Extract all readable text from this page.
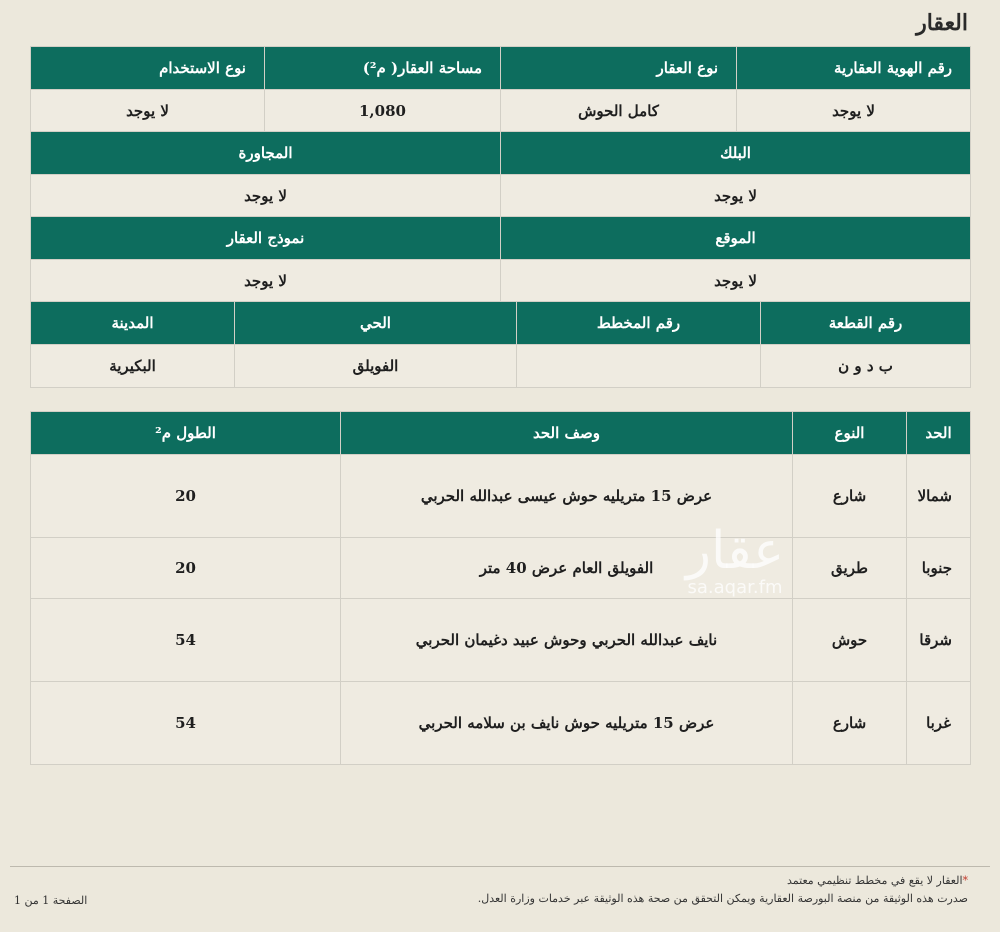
العقار
رقم الهوية العقارية	نوع العقار	مساحة العقار( م²)	نوع الاستخدام
لا يوجد	كامل الحوش	1,080	لا يوجد
البلك	المجاورة
لا يوجد	لا يوجد
الموقع	نموذج العقار
لا يوجد	لا يوجد
رقم القطعة	رقم المخطط	الحي	المدينة
ب د و ن		الفويلق	البكيرية
الحد	النوع	وصف الحد	الطول م²
شمالا	شارع	عرض 15 متريليه حوش عيسى عبدالله الحربي	20
جنوبا	طريق	الفويلق العام عرض 40 متر	20
شرقا	حوش	نايف عبدالله الحربي وحوش عبيد دغيمان الحربي	54
غربا	شارع	عرض 15 متريليه حوش نايف بن سلامه الحربي	54
عقار
sa.aqar.fm
*العقار لا يقع في مخطط تنظيمي معتمد
صدرت هذه الوثيقة من منصة البورصة العقارية ويمكن التحقق من صحة هذه الوثيقة عبر خدمات وزارة العدل.
الصفحة 1 من 1
